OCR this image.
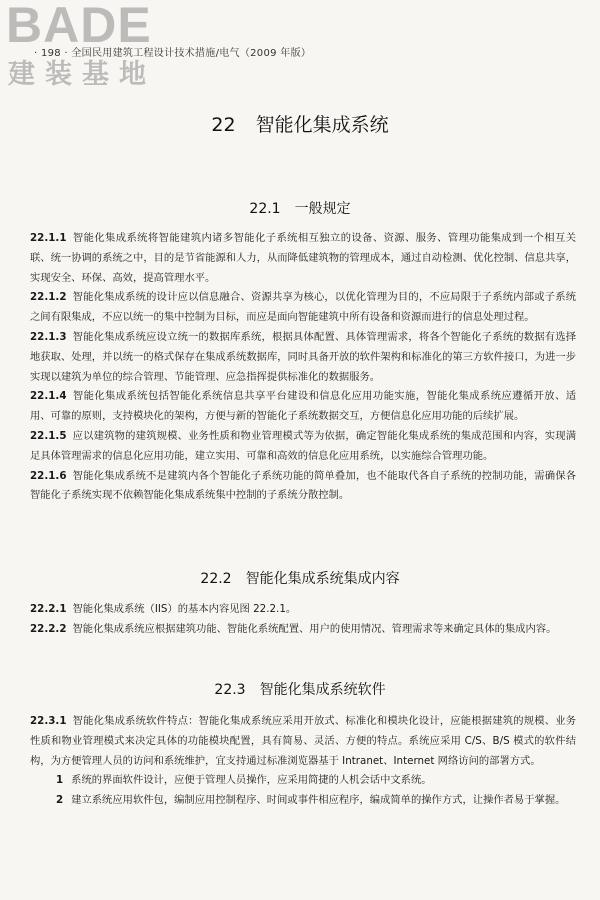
BADE
建装基地
· 198 · 全国民用建筑工程设计技术措施/电气（2009 年版）
22 智能化集成系统
22.1 一般规定

22.1.1 智能化集成系统将智能建筑内诸多智能化子系统相互独立的设备、资源、服务、管理功能集成到一个相互关联、统一协调的系统之中，目的是节省能源和人力，从而降低建筑物的管理成本，通过自动检测、优化控制、信息共享，实现安全、环保、高效，提高管理水平。

22.1.2 智能化集成系统的设计应以信息融合、资源共享为核心，以优化管理为目的，不应局限于子系统内部或子系统之间有限集成，不应以统一的集中控制为目标，而应是面向智能建筑中所有设备和资源而进行的信息处理过程。

22.1.3 智能化集成系统应设立统一的数据库系统，根据具体配置、具体管理需求，将各个智能化子系统的数据有选择地获取、处理，并以统一的格式保存在集成系统数据库，同时具备开放的软件架构和标准化的第三方软件接口，为进一步实现以建筑为单位的综合管理、节能管理、应急指挥提供标准化的数据服务。

22.1.4 智能化集成系统包括智能化系统信息共享平台建设和信息化应用功能实施，智能化集成系统应遵循开放、适用、可靠的原则，支持模块化的架构，方便与新的智能化子系统数据交互，方便信息化应用功能的后续扩展。

22.1.5 应以建筑物的建筑规模、业务性质和物业管理模式等为依据，确定智能化集成系统的集成范围和内容，实现满足具体管理需求的信息化应用功能，建立实用、可靠和高效的信息化应用系统，以实施综合管理功能。

22.1.6 智能化集成系统不是建筑内各个智能化子系统功能的简单叠加，也不能取代各自子系统的控制功能，需确保各智能化子系统实现不依赖智能化集成系统集中控制的子系统分散控制。

22.2 智能化集成系统集成内容

22.2.1 智能化集成系统（IIS）的基本内容见图 22.2.1。

22.2.2 智能化集成系统应根据建筑功能、智能化系统配置、用户的使用情况、管理需求等来确定具体的集成内容。

22.3 智能化集成系统软件

22.3.1 智能化集成系统软件特点：智能化集成系统应采用开放式、标准化和模块化设计，应能根据建筑的规模、业务性质和物业管理模式来决定具体的功能模块配置，具有简易、灵活、方便的特点。系统应采用 C/S、B/S 模式的软件结构，为方便管理人员的访问和系统维护，宜支持通过标准浏览器基于 Intranet、Internet 网络访问的部署方式。

1 系统的界面软件设计，应便于管理人员操作，应采用简捷的人机会话中文系统。

2 建立系统应用软件包，编制应用控制程序、时间或事件相应程序，编成简单的操作方式，让操作者易于掌握。
